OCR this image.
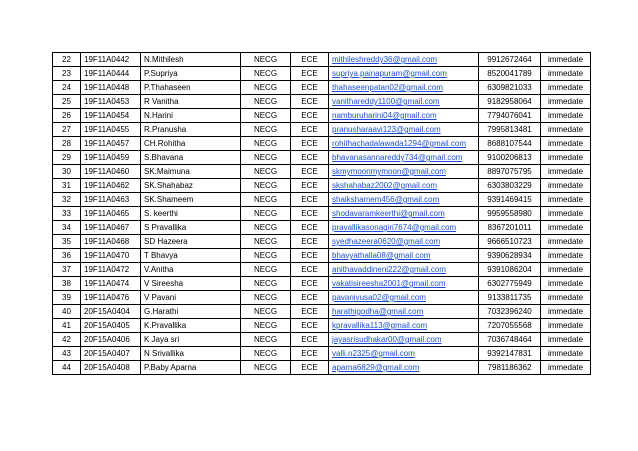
22	19F11A0442	N.Mithilesh	NECG	ECE	mithileshreddy36@gmail.com	9912672464	immedate
23	19F11A0444	P.Supriya	NECG	ECE	supriya.painapuram@gmail.com	8520041789	immedate
24	19F11A0448	P.Thahaseen	NECG	ECE	thahaseenpatan02@gmail.com	6309821033	immedate
25	19F11A0453	R Vanitha	NECG	ECE	vanithareddy1100@gmail.com	9182958064	immedate
26	19F11A0454	N.Harini	NECG	ECE	namburuharini04@gmail.com	7794076041	immedate
27	19F11A0455	R.Pranusha	NECG	ECE	pranusharaavi123@gmail.com	7995813481	immedate
28	19F11A0457	CH.Rohitha	NECG	ECE	rohithachadalawada1294@gmail.com	8688107544	immedate
29	19F11A0459	S.Bhavana	NECG	ECE	bhavanasannareddy734@gmail.com	9100206813	immedate
30	19F11A0460	SK.Maimuna	NECG	ECE	skmymoonmymoon@gmail.com	8897075795	immedate
31	19F11A0462	SK.Shahabaz	NECG	ECE	skshahabaz2002@gmail.com	6303803229	immedate
32	19F11A0463	SK.Shameem	NECG	ECE	shaikshamem456@gmail.com	9391469415	immedate
33	19F11A0465	S. keerthi	NECG	ECE	shodavaramkeerthi@gmail.com	9959558980	immedate
34	19F11A0467	S Pravallika	NECG	ECE	pravallikasonagiri7674@gmail.com	8367201011	immedate
35	19F11A0468	SD Hazeera	NECG	ECE	syedhazeera0620@gmail.com	9666510723	immedate
36	19F11A0470	T Bhavya	NECG	ECE	bhavyathalla08@gmail.com	9390628934	immedate
37	19F11A0472	V.Anitha	NECG	ECE	anithavaddineni222@gmail.com	9391086204	immedate
38	19F11A0474	V Sireesha	NECG	ECE	vakatisireesha2001@gmail.com	6302775949	immedate
39	19F11A0476	V Pavani	NECG	ECE	pavanivusa02@gmail.com	9133811735	immedate
40	20F15A0404	G.Harathi	NECG	ECE	harathigodha@gmail.com	7032396240	immedate
41	20F15A0405	K.Pravallika	NECG	ECE	kpravallika113@gmail.com	7207055568	immedate
42	20F15A0406	K Jaya sri	NECG	ECE	jayasrisudhakar00@gmail.com	7036748464	immedate
43	20F15A0407	N Srivallika	NECG	ECE	valli.n2325@gmail.com	9392147831	immedate
44	20F15A0408	P.Baby Aparna	NECG	ECE	aparna6829@gmail.com	7981186362	immedate
